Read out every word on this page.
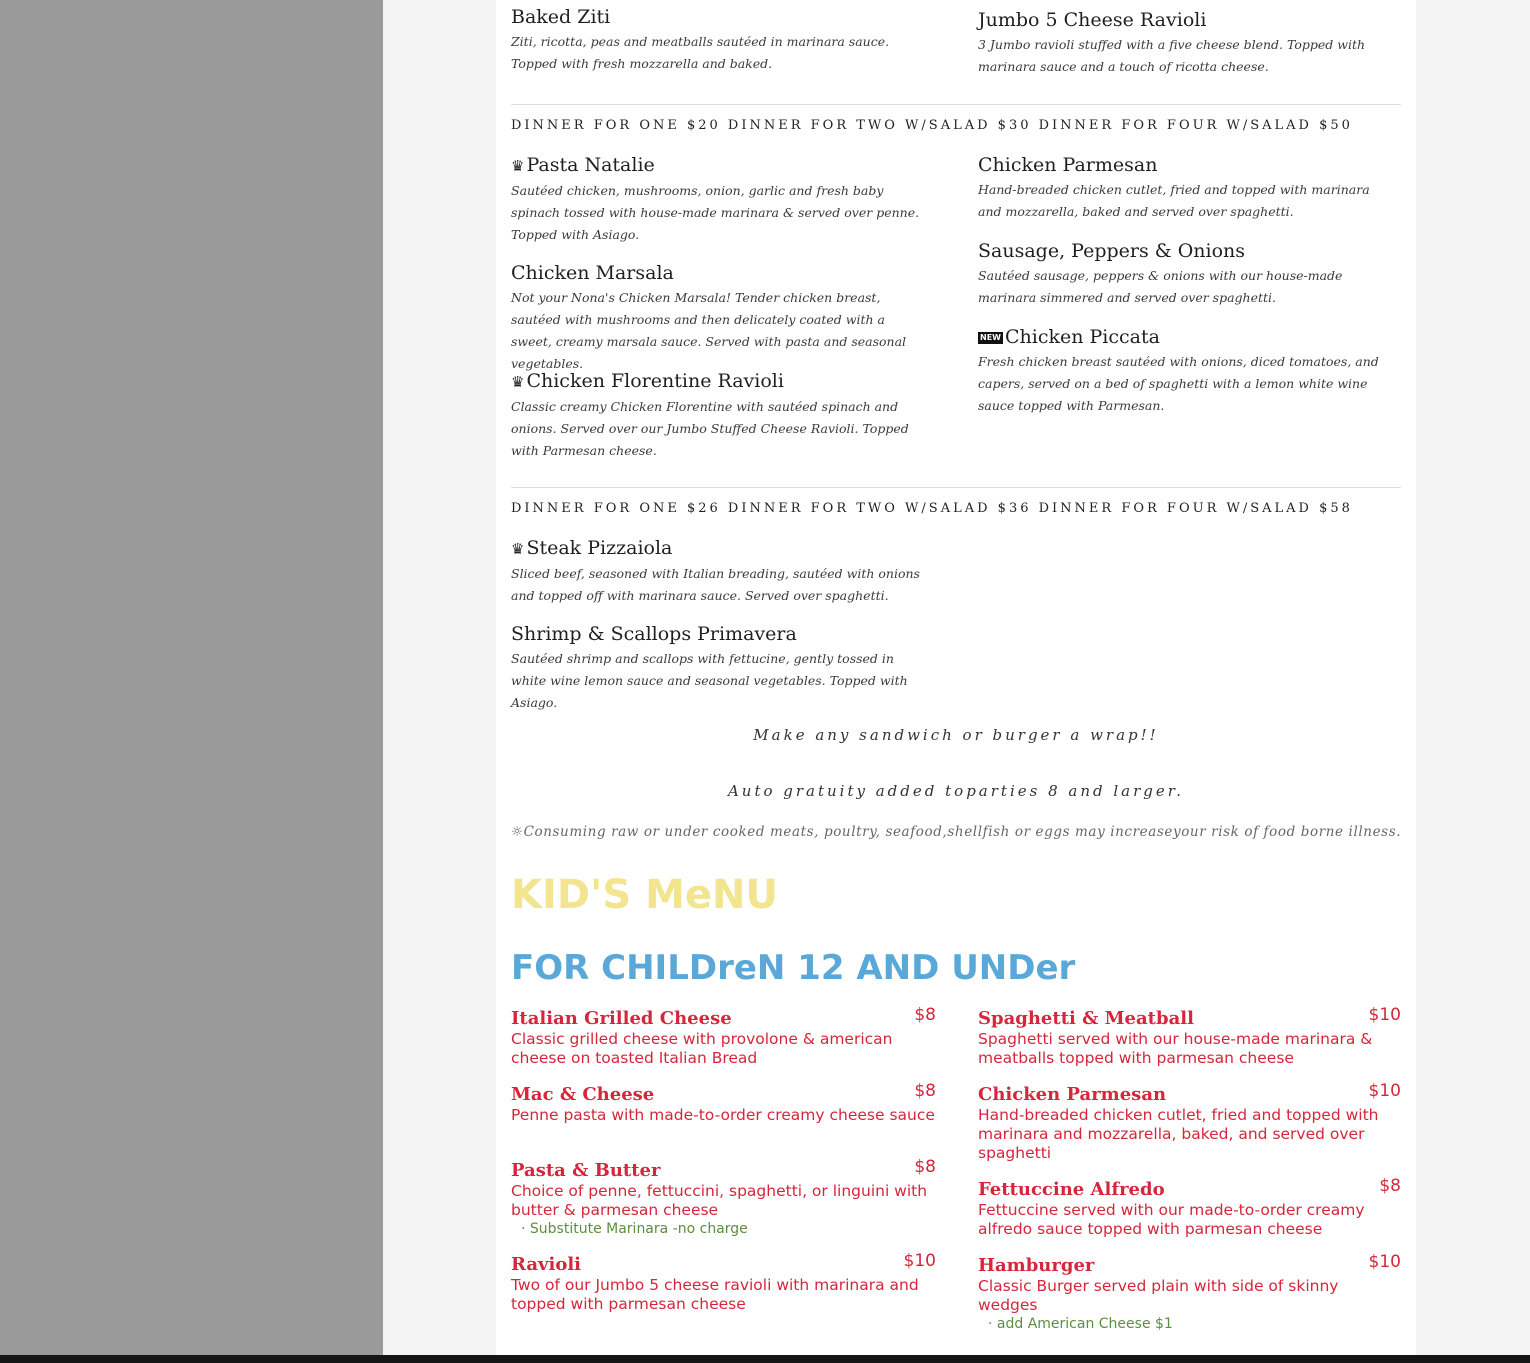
Baked Ziti
Ziti, ricotta, peas and meatballs sautéed in marinara sauce. Topped with fresh mozzarella and baked.
Jumbo 5 Cheese Ravioli
3 Jumbo ravioli stuffed with a five cheese blend. Topped with marinara sauce and a touch of ricotta cheese.
DINNER FOR ONE $20 DINNER FOR TWO W/SALAD $30 DINNER FOR FOUR W/SALAD $50
♛ Pasta Natalie
Sautéed chicken, mushrooms, onion, garlic and fresh baby spinach tossed with house-made marinara & served over penne. Topped with Asiago.
Chicken Marsala
Not your Nona's Chicken Marsala! Tender chicken breast, sautéed with mushrooms and then delicately coated with a sweet, creamy marsala sauce. Served with pasta and seasonal vegetables.
♛ Chicken Florentine Ravioli
Classic creamy Chicken Florentine with sautéed spinach and onions. Served over our Jumbo Stuffed Cheese Ravioli. Topped with Parmesan cheese.
Chicken Parmesan
Hand-breaded chicken cutlet, fried and topped with marinara and mozzarella, baked and served over spaghetti.
Sausage, Peppers & Onions
Sautéed sausage, peppers & onions with our house-made marinara simmered and served over spaghetti.
NEW Chicken Piccata
Fresh chicken breast sautéed with onions, diced tomatoes, and capers, served on a bed of spaghetti with a lemon white wine sauce topped with Parmesan.
DINNER FOR ONE $26 DINNER FOR TWO W/SALAD $36 DINNER FOR FOUR W/SALAD $58
♛ Steak Pizzaiola
Sliced beef, seasoned with Italian breading, sautéed with onions and topped off with marinara sauce. Served over spaghetti.
Shrimp & Scallops Primavera
Sautéed shrimp and scallops with fettucine, gently tossed in white wine lemon sauce and seasonal vegetables. Topped with Asiago.
Make any sandwich or burger a wrap!!
Auto gratuity added toparties 8 and larger.
☼Consuming raw or under cooked meats, poultry, seafood,shellfish or eggs may increaseyour risk of food borne illness.
KID'S MeNU
FOR CHILDreN 12 AND UNDer
Italian Grilled Cheese	$8
Classic grilled cheese with provolone & american cheese on toasted Italian Bread
Spaghetti & Meatball	$10
Spaghetti served with our house-made marinara & meatballs topped with parmesan cheese
Mac & Cheese	$8
Penne pasta with made-to-order creamy cheese sauce
Chicken Parmesan	$10
Hand-breaded chicken cutlet, fried and topped with marinara and mozzarella, baked, and served over spaghetti
Pasta & Butter	$8
Choice of penne, fettuccini, spaghetti, or linguini with butter & parmesan cheese
· Substitute Marinara -no charge
Fettuccine Alfredo	$8
Fettuccine served with our made-to-order creamy alfredo sauce topped with parmesan cheese
Ravioli	$10
Two of our Jumbo 5 cheese ravioli with marinara and topped with parmesan cheese
Hamburger	$10
Classic Burger served plain with side of skinny wedges
· add American Cheese $1
